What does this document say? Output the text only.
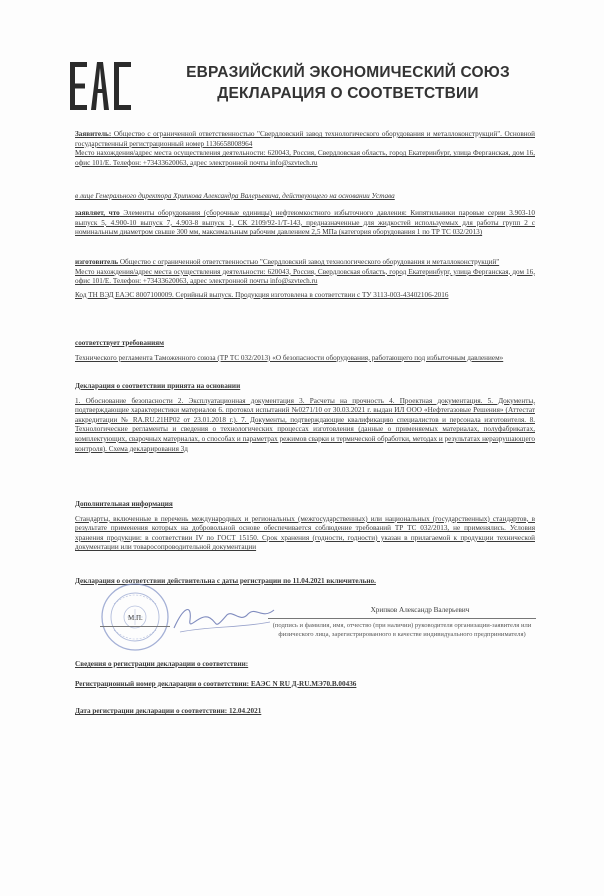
ЕВРАЗИЙСКИЙ ЭКОНОМИЧЕСКИЙ СОЮЗ
ДЕКЛАРАЦИЯ О СООТВЕТСТВИИ

Заявитель: Общество с ограниченной ответственностью "Свердловский завод технологического оборудования и металлоконструкций". Основной государственный регистрационный номер 1136658008964

Место нахождения/адрес места осуществления деятельности: 620043, Россия, Свердловская область, город Екатеринбург, улица Ферганская, дом 16, офис 101/Е. Телефон: +73433620063, адрес электронной почты info@szvtech.ru

в лице Генерального директора Хрипкова Александра Валерьевича, действующего на основании Устава

заявляет, что Элементы оборудования (сборочные единицы) нефтеюмкостного избыточного давления: Кипятильники паровые серии 3.903-10 выпуск 5, 4.900-10 выпуск 7, 4.903-8 выпуск 1, СК 2109/92-1/Т-143, предназначенные для жидкостей используемых для работы групп 2 с номинальным диаметром свыше 300 мм, максимальным рабочим давлением 2,5 МПа (категория оборудования 1 по ТР ТС 032/2013)

изготовитель Общество с ограниченной ответственностью "Свердловский завод технологического оборудования и металлоконструкций"

Место нахождения/адрес места осуществления деятельности: 620043, Россия, Свердловская область, город Екатеринбург, улица Ферганская, дом 16, офис 101/Е. Телефон: +73433620063, адрес электронной почты info@szvtech.ru

Код ТН ВЭД ЕАЭС 8007100009. Серийный выпуск. Продукция изготовлена в соответствии с ТУ 3113-003-43402106-2016

соответствует требованиям

Технического регламента Таможенного союза (ТР ТС 032/2013) «О безопасности оборудования, работающего под избыточным давлением»

Декларация о соответствии принята на основании

1. Обоснование безопасности 2. Эксплуатационная документация 3. Расчеты на прочность 4. Проектная документация. 5. Документы, подтверждающие характеристики материалов 6. протокол испытаний №0271/10 от 30.03.2021 г. выдан ИЛ ООО «Нефтегазовые Решения» (Аттестат аккредитации № RA.RU.21НР02 от 23.01.2018 г.). 7. Документы, подтверждающие квалификацию специалистов и персонала изготовителя. 8. Технологические регламенты и сведения о технологических процессах изготовления (данные о применяемых материалах, полуфабрикатах, комплектующих, сварочных материалах, о способах и параметрах режимов сварки и термической обработки, методах и результатах неразрушающего контроля). Схема декларирования 3д

Дополнительная информация

Стандарты, включенные в перечень международных и региональных (межгосударственных) или национальных (государственных) стандартов, в результате применения которых на добровольной основе обеспечивается соблюдение требований ТР ТС 032/2013, не применялись. Условия хранения продукции: в соответствии IV по ГОСТ 15150. Срок хранения (годности, годности) указан в прилагаемой к продукции технической документации или товаросопроводительной документации

Декларация о соответствии действительна с даты регистрации по 11.04.2021 включительно.

М.П.
Хрипков Александр Валерьевич
(подпись и фамилия, имя, отчество (при наличии) руководителя организации-заявителя или физического лица, зарегистрированного в качестве индивидуального предпринимателя)

Сведения о регистрации декларации о соответствии:

Регистрационный номер декларации о соответствии: ЕАЭС N RU Д-RU.МЭ70.В.00436

Дата регистрации декларации о соответствии: 12.04.2021
